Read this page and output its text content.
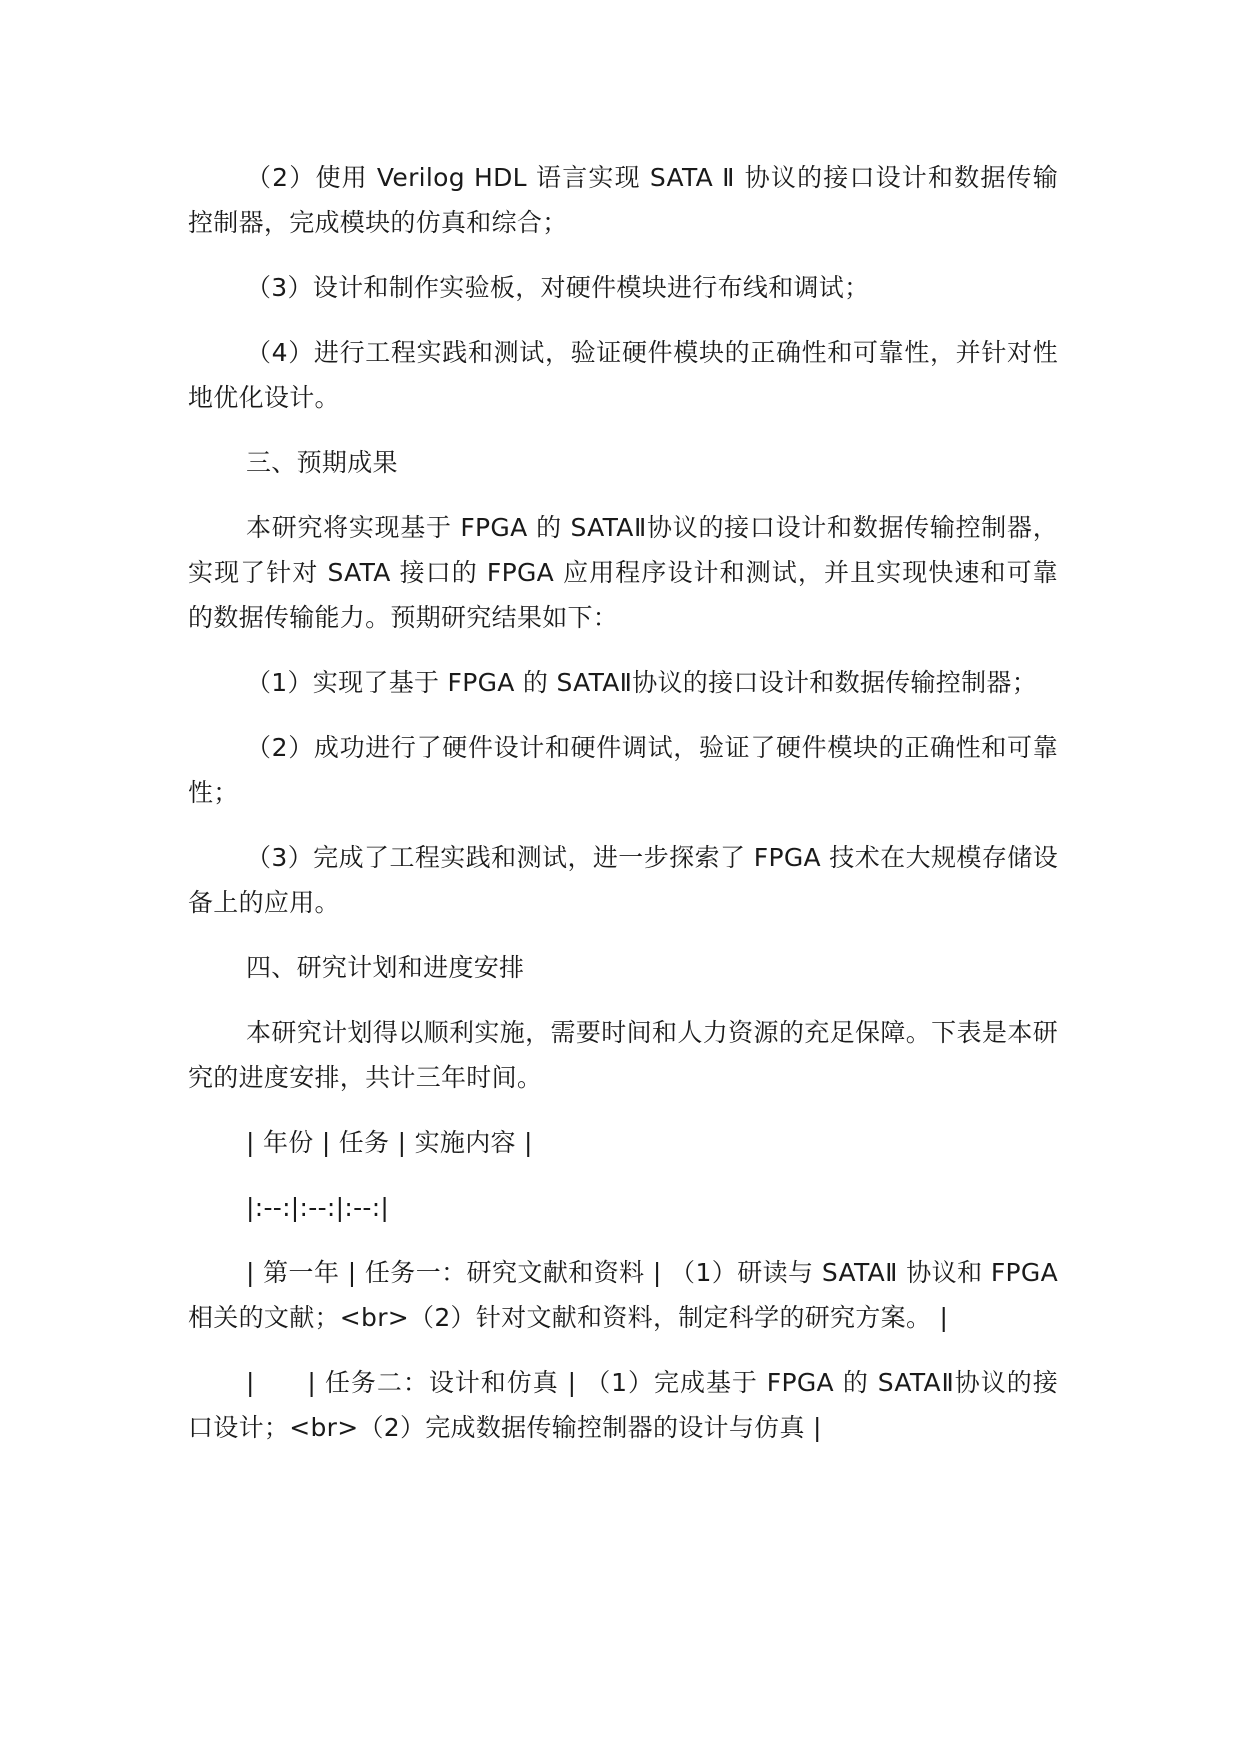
（2）使用 Verilog HDL 语言实现 SATA Ⅱ 协议的接口设计和数据传输控制器，完成模块的仿真和综合；

（3）设计和制作实验板，对硬件模块进行布线和调试；

（4）进行工程实践和测试，验证硬件模块的正确性和可靠性，并针对性地优化设计。

三、预期成果

本研究将实现基于 FPGA 的 SATAⅡ协议的接口设计和数据传输控制器，实现了针对 SATA 接口的 FPGA 应用程序设计和测试，并且实现快速和可靠的数据传输能力。预期研究结果如下：

（1）实现了基于 FPGA 的 SATAⅡ协议的接口设计和数据传输控制器；

（2）成功进行了硬件设计和硬件调试，验证了硬件模块的正确性和可靠性；

（3）完成了工程实践和测试，进一步探索了 FPGA 技术在大规模存储设备上的应用。

四、研究计划和进度安排

本研究计划得以顺利实施，需要时间和人力资源的充足保障。下表是本研究的进度安排，共计三年时间。

| 年份 | 任务 | 实施内容 |

|:--:|:--:|:--:|

| 第一年 | 任务一：研究文献和资料 | （1）研读与 SATAⅡ 协议和 FPGA 相关的文献；<br>（2）针对文献和资料，制定科学的研究方案。 |

|　　| 任务二：设计和仿真 | （1）完成基于 FPGA 的 SATAⅡ协议的接口设计；<br>（2）完成数据传输控制器的设计与仿真 |
